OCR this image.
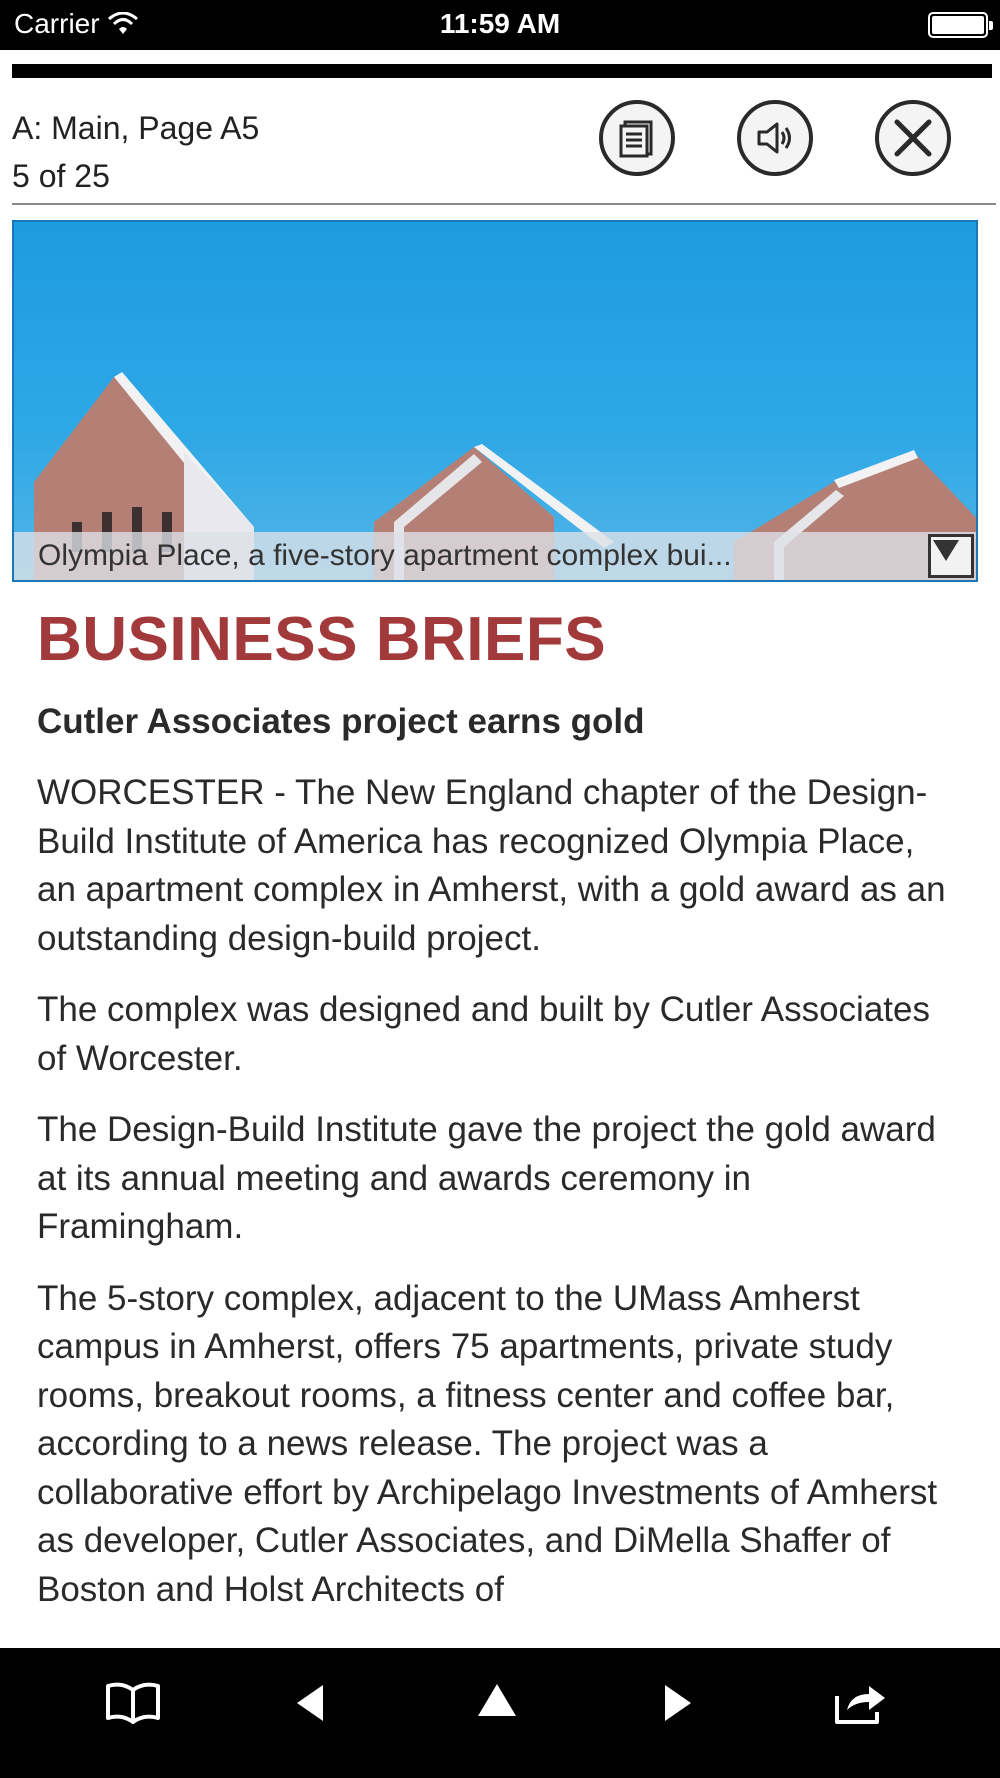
Carrier	11:59 AM
A: Main, Page A5
5 of 25
Olympia Place, a five-story apartment complex bui...
BUSINESS BRIEFS
Cutler Associates project earns gold

WORCESTER - The New England chapter of the Design-Build Institute of America has recognized Olympia Place, an apartment complex in Amherst, with a gold award as an outstanding design-build project.

The complex was designed and built by Cutler Associates of Worcester.

The Design-Build Institute gave the project the gold award at its annual meeting and awards ceremony in Framingham.

The 5-story complex, adjacent to the UMass Amherst campus in Amherst, offers 75 apartments, private study rooms, breakout rooms, a fitness center and coffee bar, according to a news release. The project was a collaborative effort by Archipelago Investments of Amherst as developer, Cutler Associates, and DiMella Shaffer of Boston and Holst Architects of
